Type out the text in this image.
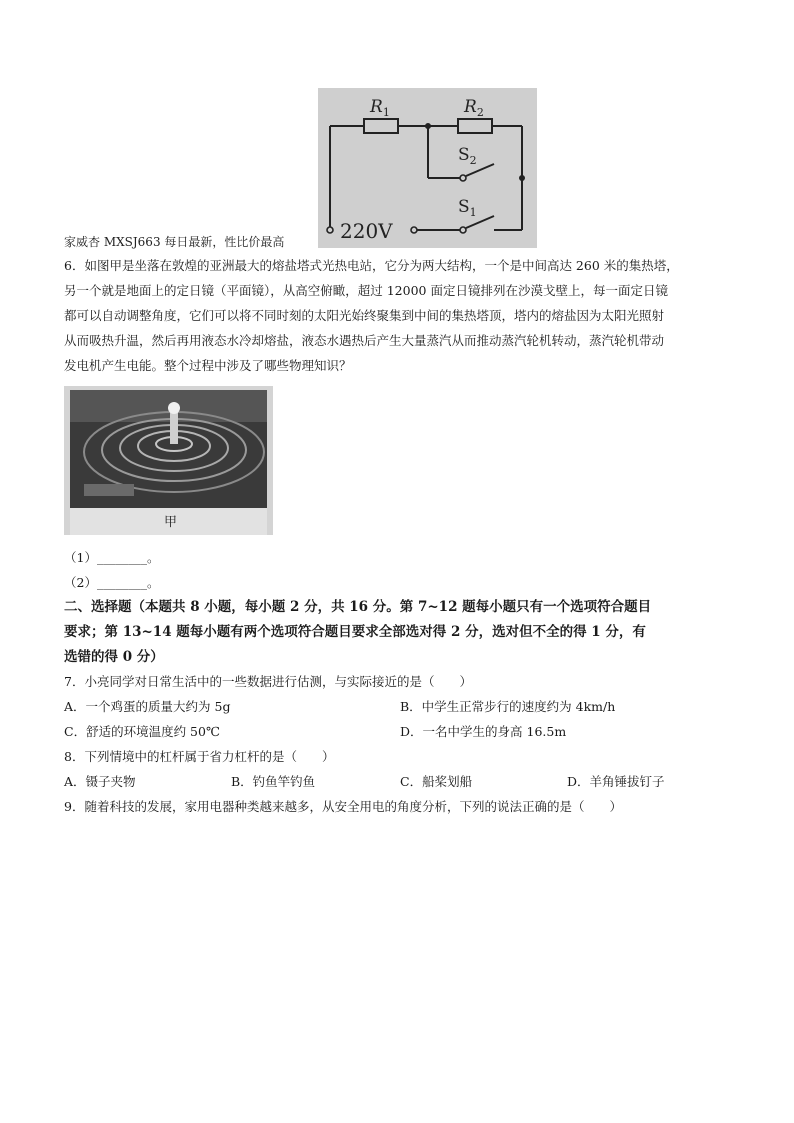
$R_1$	$R_2$
$S_2$
$S_1$
220V
家威杏 MXSJ663 每日最新，性比价最高
6．如图甲是坐落在敦煌的亚洲最大的熔盐塔式光热电站，它分为两大结构，一个是中间高达 260 米的集热塔，
另一个就是地面上的定日镜（平面镜），从高空俯瞰，超过 12000 面定日镜排列在沙漠戈壁上，每一面定日镜
都可以自动调整角度，它们可以将不同时刻的太阳光始终聚集到中间的集热塔顶，塔内的熔盐因为太阳光照射
从而吸热升温，然后再用液态水冷却熔盐，液态水遇热后产生大量蒸汽从而推动蒸汽轮机转动，蒸汽轮机带动
发电机产生电能。整个过程中涉及了哪些物理知识？
甲
（1）________。
（2）________。
二、选择题（本题共 8 小题，每小题 2 分，共 16 分。第 7~12 题每小题只有一个选项符合题目
要求；第 13~14 题每小题有两个选项符合题目要求全部选对得 2 分，选对但不全的得 1 分，有
选错的得 0 分）
7．小亮同学对日常生活中的一些数据进行估测，与实际接近的是（　　）
A．一个鸡蛋的质量大约为 5g	B．中学生正常步行的速度约为 4km/h
C．舒适的环境温度约 50℃	D．一名中学生的身高 16.5m
8．下列情境中的杠杆属于省力杠杆的是（　　）
A．镊子夹物	B．钓鱼竿钓鱼	C．船桨划船	D．羊角锤拔钉子
9．随着科技的发展，家用电器种类越来越多，从安全用电的角度分析，下列的说法正确的是（　　）
